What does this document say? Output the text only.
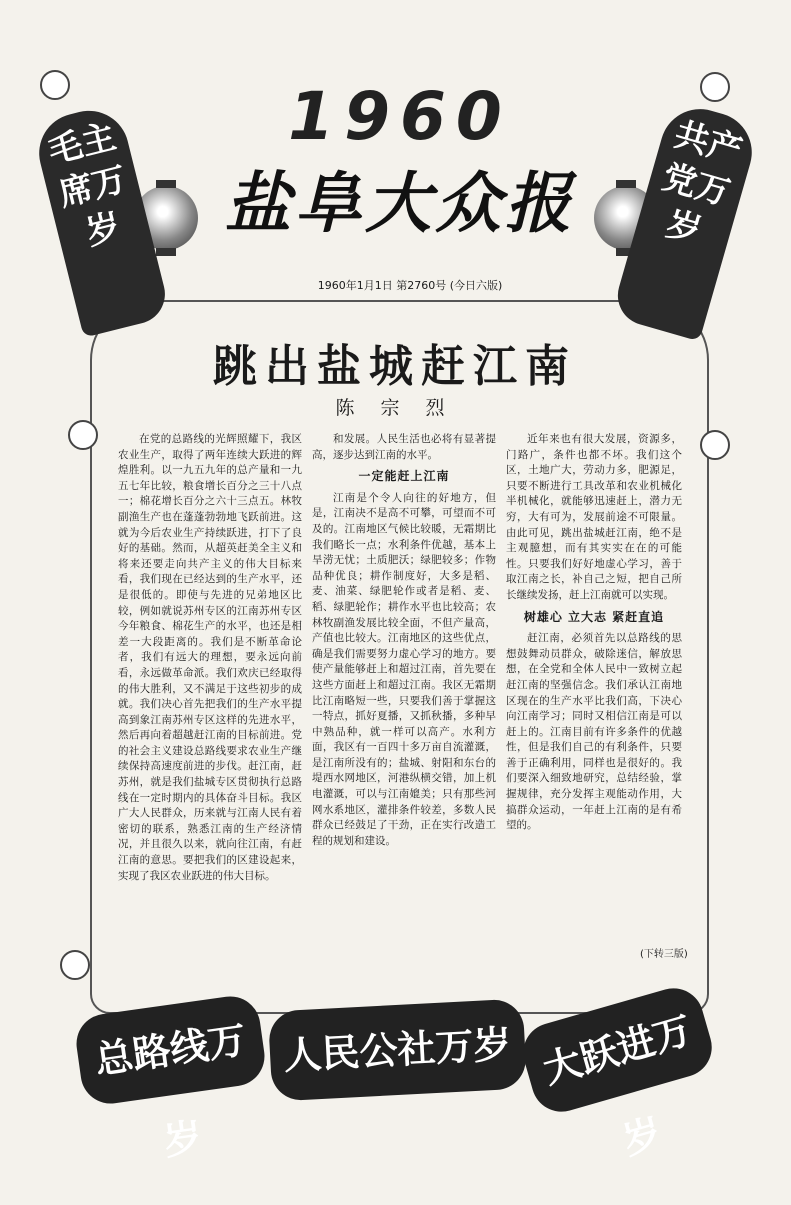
1960
盐阜大众报
1960年1月1日 第2760号 (今日六版)
毛主席万岁
共产党万岁
跳出盐城赶江南
陈 宗 烈

在党的总路线的光辉照耀下，我区农业生产，取得了两年连续大跃进的辉煌胜利。以一九五九年的总产量和一九五七年比较，粮食增长百分之三十八点一；棉花增长百分之六十三点五。林牧副渔生产也在蓬蓬勃勃地飞跃前进。这就为今后农业生产持续跃进，打下了良好的基础。然而，从超英赶美全主义和将来还要走向共产主义的伟大目标来看，我们现在已经达到的生产水平，还是很低的。即使与先进的兄弟地区比较，例如就说苏州专区的江南苏州专区今年粮食、棉花生产的水平，也还是相差一大段距离的。我们是不断革命论者，我们有远大的理想，要永远向前看，永远做革命派。我们欢庆已经取得的伟大胜利，又不满足于这些初步的成就。我们决心首先把我们的生产水平提高到象江南苏州专区这样的先进水平，然后再向着超越赶江南的目标前进。党的社会主义建设总路线要求农业生产继续保持高速度前进的步伐。赶江南，赶苏州，就是我们盐城专区贯彻执行总路线在一定时期内的具体奋斗目标。我区广大人民群众，历来就与江南人民有着密切的联系，熟悉江南的生产经济情况，并且很久以来，就向往江南，有赶江南的意思。要把我们的区建设起来，实现了我区农业跃进的伟大目标。

和发展。人民生活也必将有显著提高，逐步达到江南的水平。

一定能赶上江南

江南是个令人向往的好地方，但是，江南决不是高不可攀，可望而不可及的。江南地区气候比较暖，无霜期比我们略长一点；水利条件优越，基本上旱涝无忧；土质肥沃；绿肥较多；作物品种优良；耕作制度好，大多是稻、麦、油菜、绿肥轮作或者是稻、麦、稻、绿肥轮作；耕作水平也比较高；农林牧副渔发展比较全面，不但产量高，产值也比较大。江南地区的这些优点，确是我们需要努力虚心学习的地方。要使产量能够赶上和超过江南，首先要在这些方面赶上和超过江南。我区无霜期比江南略短一些，只要我们善于掌握这一特点，抓好夏播，又抓秋播，多种早中熟品种，就一样可以高产。水利方面，我区有一百四十多万亩自流灌溉，是江南所没有的；盐城、射阳和东台的堤西水网地区，河港纵横交错，加上机电灌溉，可以与江南媲美；只有那些河网水系地区，灌排条件较差，多数人民群众已经鼓足了干劲，正在实行改造工程的规划和建设。

近年来也有很大发展，资源多，门路广，条件也都不坏。我们这个区，土地广大，劳动力多，肥源足，只要不断进行工具改革和农业机械化半机械化，就能够迅速赶上，潜力无穷，大有可为，发展前途不可限量。由此可见，跳出盐城赶江南，绝不是主观臆想，而有其实实在在的可能性。只要我们好好地虚心学习，善于取江南之长，补自己之短，把自己所长继续发扬，赶上江南就可以实现。

树雄心 立大志 紧赶直追

赶江南，必须首先以总路线的思想鼓舞动员群众，破除迷信，解放思想，在全党和全体人民中一致树立起赶江南的坚强信念。我们承认江南地区现在的生产水平比我们高，下决心向江南学习；同时又相信江南是可以赶上的。江南目前有许多条件的优越性，但是我们自己的有利条件，只要善于正确利用，同样也是很好的。我们要深入细致地研究，总结经验，掌握规律，充分发挥主观能动作用，大搞群众运动，一年赶上江南的是有希望的。

(下转三版)
总路线万岁
人民公社万岁 大跃进万岁
